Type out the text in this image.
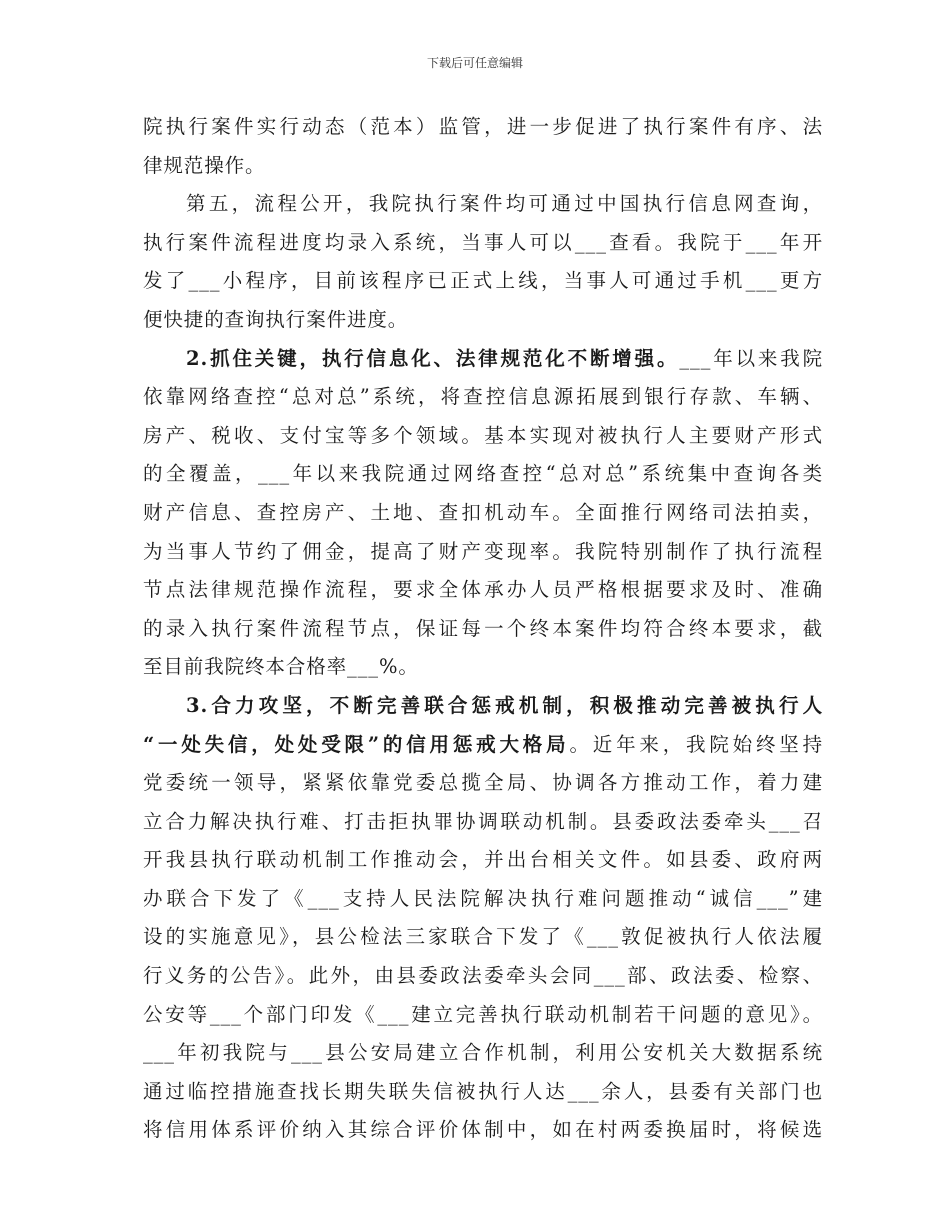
下载后可任意编辑
院执行案件实行动态（范本）监管，进一步促进了执行案件有序、法
律规范操作。
第五，流程公开，我院执行案件均可通过中国执行信息网查询，
执行案件流程进度均录入系统，当事人可以___查看。我院于___年开
发了___小程序，目前该程序已正式上线，当事人可通过手机___更方
便快捷的查询执行案件进度。
2.抓住关键，执行信息化、法律规范化不断增强。___年以来我院
依靠网络查控“总对总”系统，将查控信息源拓展到银行存款、车辆、
房产、税收、支付宝等多个领域。基本实现对被执行人主要财产形式
的全覆盖，___年以来我院通过网络查控“总对总”系统集中查询各类
财产信息、查控房产、土地、查扣机动车。全面推行网络司法拍卖，
为当事人节约了佣金，提高了财产变现率。我院特别制作了执行流程
节点法律规范操作流程，要求全体承办人员严格根据要求及时、准确
的录入执行案件流程节点，保证每一个终本案件均符合终本要求，截
至目前我院终本合格率___%。
3.合力攻坚，不断完善联合惩戒机制，积极推动完善被执行人
“一处失信，处处受限”的信用惩戒大格局。近年来，我院始终坚持
党委统一领导，紧紧依靠党委总揽全局、协调各方推动工作，着力建
立合力解决执行难、打击拒执罪协调联动机制。县委政法委牵头___召
开我县执行联动机制工作推动会，并出台相关文件。如县委、政府两
办联合下发了《___支持人民法院解决执行难问题推动“诚信___”建
设的实施意见》，县公检法三家联合下发了《___敦促被执行人依法履
行义务的公告》。此外，由县委政法委牵头会同___部、政法委、检察、
公安等___个部门印发《___建立完善执行联动机制若干问题的意见》。
___年初我院与___县公安局建立合作机制，利用公安机关大数据系统
通过临控措施查找长期失联失信被执行人达___余人，县委有关部门也
将信用体系评价纳入其综合评价体制中，如在村两委换届时，将候选
